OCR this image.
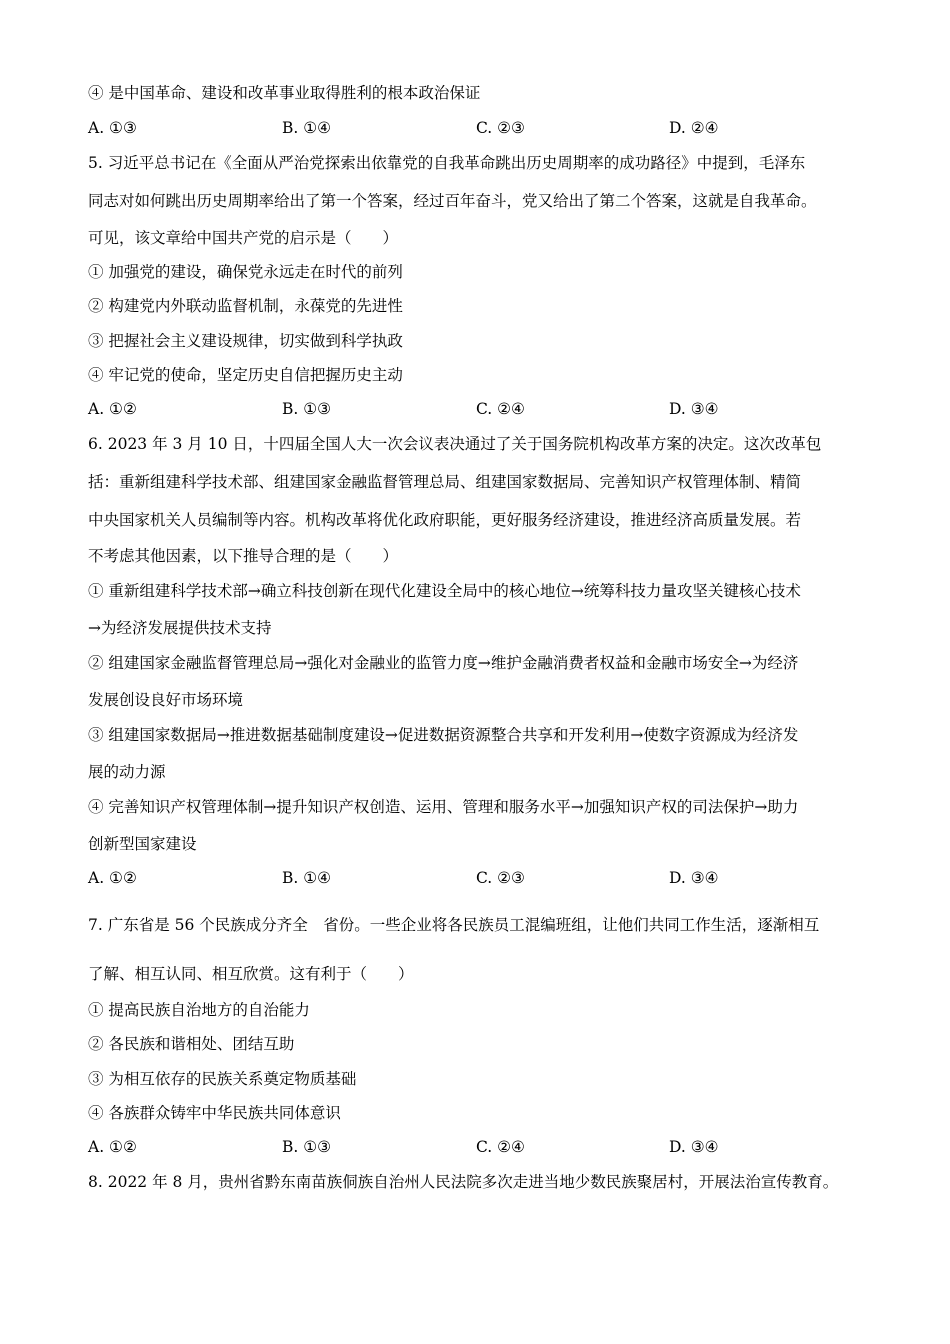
④ 是中国革命、建设和改革事业取得胜利的根本政治保证
A. ①③	B. ①④	C. ②③	D. ②④
5. 习近平总书记在《全面从严治党探索出依靠党的自我革命跳出历史周期率的成功路径》中提到，毛泽东
同志对如何跳出历史周期率给出了第一个答案，经过百年奋斗，党又给出了第二个答案，这就是自我革命。
可见，该文章给中国共产党的启示是（　　）
① 加强党的建设，确保党永远走在时代的前列
② 构建党内外联动监督机制，永葆党的先进性
③ 把握社会主义建设规律，切实做到科学执政
④ 牢记党的使命，坚定历史自信把握历史主动
A. ①②	B. ①③	C. ②④	D. ③④
6. 2023 年 3 月 10 日，十四届全国人大一次会议表决通过了关于国务院机构改革方案的决定。这次改革包
括：重新组建科学技术部、组建国家金融监督管理总局、组建国家数据局、完善知识产权管理体制、精简
中央国家机关人员编制等内容。机构改革将优化政府职能，更好服务经济建设，推进经济高质量发展。若
不考虑其他因素，以下推导合理的是（　　）
① 重新组建科学技术部→确立科技创新在现代化建设全局中的核心地位→统筹科技力量攻坚关键核心技术
→为经济发展提供技术支持
② 组建国家金融监督管理总局→强化对金融业的监管力度→维护金融消费者权益和金融市场安全→为经济
发展创设良好市场环境
③ 组建国家数据局→推进数据基础制度建设→促进数据资源整合共享和开发利用→使数字资源成为经济发
展的动力源
④ 完善知识产权管理体制→提升知识产权创造、运用、管理和服务水平→加强知识产权的司法保护→助力
创新型国家建设
A. ①②	B. ①④	C. ②③	D. ③④
7. 广东省是 56 个民族成分齐全　省份。一些企业将各民族员工混编班组，让他们共同工作生活，逐渐相互
了解、相互认同、相互欣赏。这有利于（　　）
① 提高民族自治地方的自治能力
② 各民族和谐相处、团结互助
③ 为相互依存的民族关系奠定物质基础
④ 各族群众铸牢中华民族共同体意识
A. ①②	B. ①③	C. ②④	D. ③④
8. 2022 年 8 月，贵州省黔东南苗族侗族自治州人民法院多次走进当地少数民族聚居村，开展法治宣传教育。
